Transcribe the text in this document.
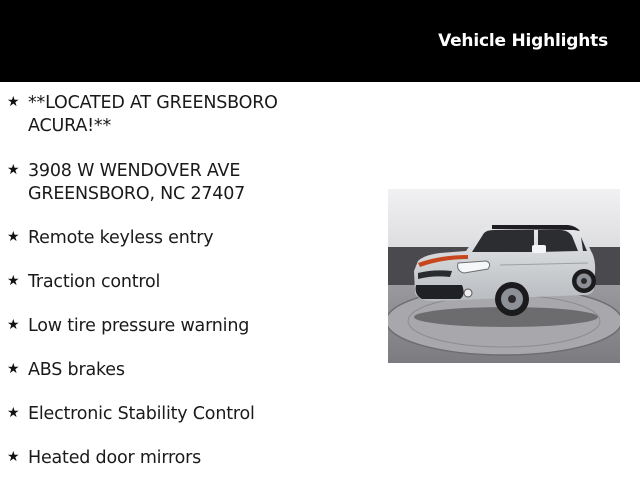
Vehicle Highlights
★ **LOCATED AT GREENSBORO
ACURA!**
★ 3908 W WENDOVER AVE
GREENSBORO, NC 27407
★ Remote keyless entry
★ Traction control
★ Low tire pressure warning
★ ABS brakes
★ Electronic Stability Control
★ Heated door mirrors
